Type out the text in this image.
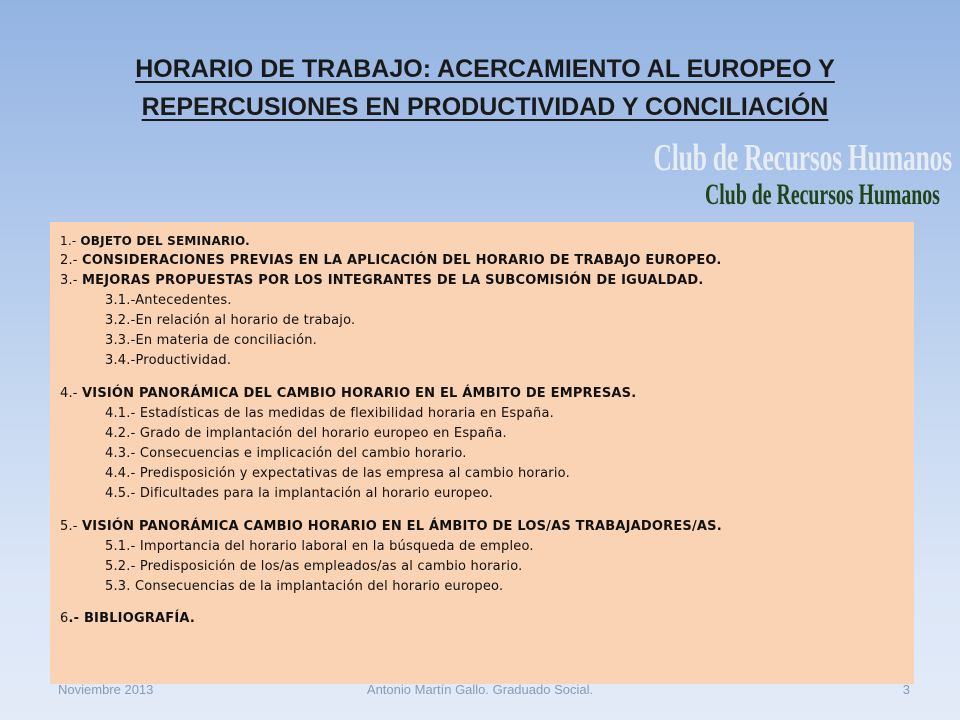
HORARIO DE TRABAJO: ACERCAMIENTO AL EUROPEO Y
REPERCUSIONES EN PRODUCTIVIDAD Y CONCILIACIÓN
Club de Recursos Humanos
Club de Recursos Humanos
1.- OBJETO DEL SEMINARIO.
2.- CONSIDERACIONES PREVIAS EN LA APLICACIÓN DEL HORARIO DE TRABAJO EUROPEO.
3.- MEJORAS PROPUESTAS POR LOS INTEGRANTES DE LA SUBCOMISIÓN DE IGUALDAD.
3.1.-Antecedentes.
3.2.-En relación al horario de trabajo.
3.3.-En materia de conciliación.
3.4.-Productividad.
4.- VISIÓN PANORÁMICA DEL CAMBIO HORARIO EN EL ÁMBITO DE EMPRESAS.
4.1.- Estadísticas de las medidas de flexibilidad horaria en España.
4.2.- Grado de implantación del horario europeo en España.
4.3.- Consecuencias e implicación del cambio horario.
4.4.- Predisposición y expectativas de las empresa al cambio horario.
4.5.- Dificultades para la implantación al horario europeo.
5.- VISIÓN PANORÁMICA CAMBIO HORARIO EN EL ÁMBITO DE LOS/AS TRABAJADORES/AS.
5.1.- Importancia del horario laboral en la búsqueda de empleo.
5.2.- Predisposición de los/as empleados/as al cambio horario.
5.3. Consecuencias de la implantación del horario europeo.
6.- BIBLIOGRAFÍA.
Antonio Martín Gallo. Graduado Social.
Noviembre 2013	3
